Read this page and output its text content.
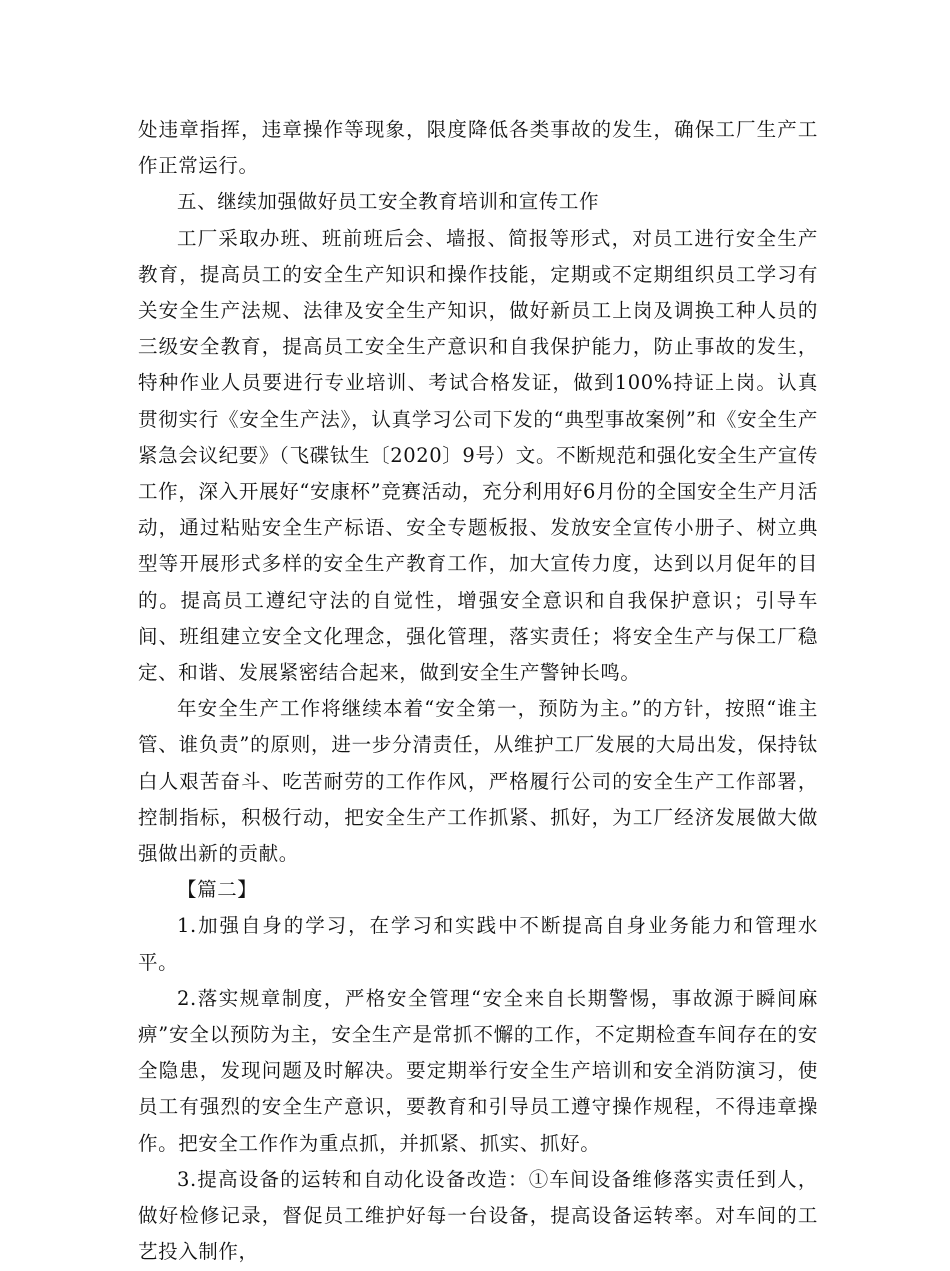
处违章指挥，违章操作等现象，限度降低各类事故的发生，确保工厂生产工作正常运行。

五、继续加强做好员工安全教育培训和宣传工作

工厂采取办班、班前班后会、墙报、简报等形式，对员工进行安全生产教育，提高员工的安全生产知识和操作技能，定期或不定期组织员工学习有关安全生产法规、法律及安全生产知识，做好新员工上岗及调换工种人员的三级安全教育，提高员工安全生产意识和自我保护能力，防止事故的发生，特种作业人员要进行专业培训、考试合格发证，做到100%持证上岗。认真贯彻实行《安全生产法》，认真学习公司下发的“典型事故案例”和《安全生产紧急会议纪要》（飞碟钛生〔2020〕9号）文。不断规范和强化安全生产宣传工作，深入开展好“安康杯”竞赛活动，充分利用好6月份的全国安全生产月活动，通过粘贴安全生产标语、安全专题板报、发放安全宣传小册子、树立典型等开展形式多样的安全生产教育工作，加大宣传力度，达到以月促年的目的。提高员工遵纪守法的自觉性，增强安全意识和自我保护意识；引导车间、班组建立安全文化理念，强化管理，落实责任；将安全生产与保工厂稳定、和谐、发展紧密结合起来，做到安全生产警钟长鸣。

年安全生产工作将继续本着“安全第一，预防为主。”的方针，按照“谁主管、谁负责”的原则，进一步分清责任，从维护工厂发展的大局出发，保持钛白人艰苦奋斗、吃苦耐劳的工作作风，严格履行公司的安全生产工作部署，控制指标，积极行动，把安全生产工作抓紧、抓好，为工厂经济发展做大做强做出新的贡献。

【篇二】

1.加强自身的学习，在学习和实践中不断提高自身业务能力和管理水平。

2.落实规章制度，严格安全管理“安全来自长期警惕，事故源于瞬间麻痹”安全以预防为主，安全生产是常抓不懈的工作，不定期检查车间存在的安全隐患，发现问题及时解决。要定期举行安全生产培训和安全消防演习，使员工有强烈的安全生产意识，要教育和引导员工遵守操作规程，不得违章操作。把安全工作作为重点抓，并抓紧、抓实、抓好。

3.提高设备的运转和自动化设备改造：①车间设备维修落实责任到人，做好检修记录，督促员工维护好每一台设备，提高设备运转率。对车间的工艺投入制作，
